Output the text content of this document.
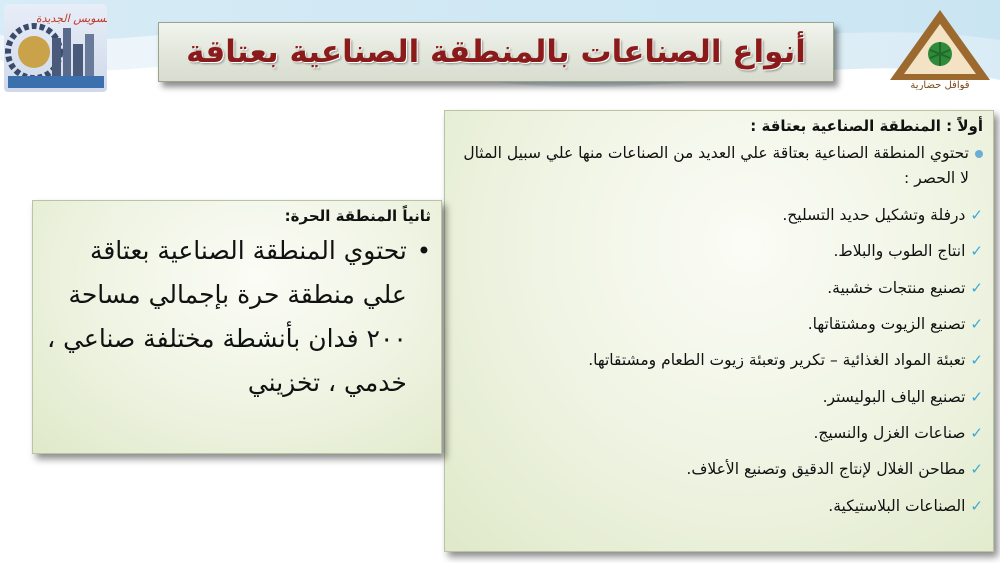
السويس الجديدة
قوافل حضارية
أنواع الصناعات بالمنطقة الصناعية بعتاقة
أولاً : المنطقة الصناعية بعتاقة :
تحتوي المنطقة الصناعية بعتاقة علي العديد من الصناعات منها علي سبيل المثال لا الحصر :
✓
درفلة وتشكيل حديد التسليح.
✓
انتاج الطوب والبلاط.
✓
تصنيع منتجات خشبية.
✓
تصنيع الزيوت ومشتقاتها.
✓
تعبئة المواد الغذائية – تكرير وتعبئة زيوت الطعام ومشتقاتها.
✓
تصنيع الياف البوليستر.
✓
صناعات الغزل والنسيج.
✓
مطاحن الغلال لإنتاج الدقيق وتصنيع الأعلاف.
✓
الصناعات البلاستيكية.
ثانياً المنطقة الحرة:
•
تحتوي المنطقة الصناعية بعتاقة علي منطقة حرة بإجمالي مساحة ٢٠٠ فدان بأنشطة مختلفة صناعي ، خدمي ، تخزيني
